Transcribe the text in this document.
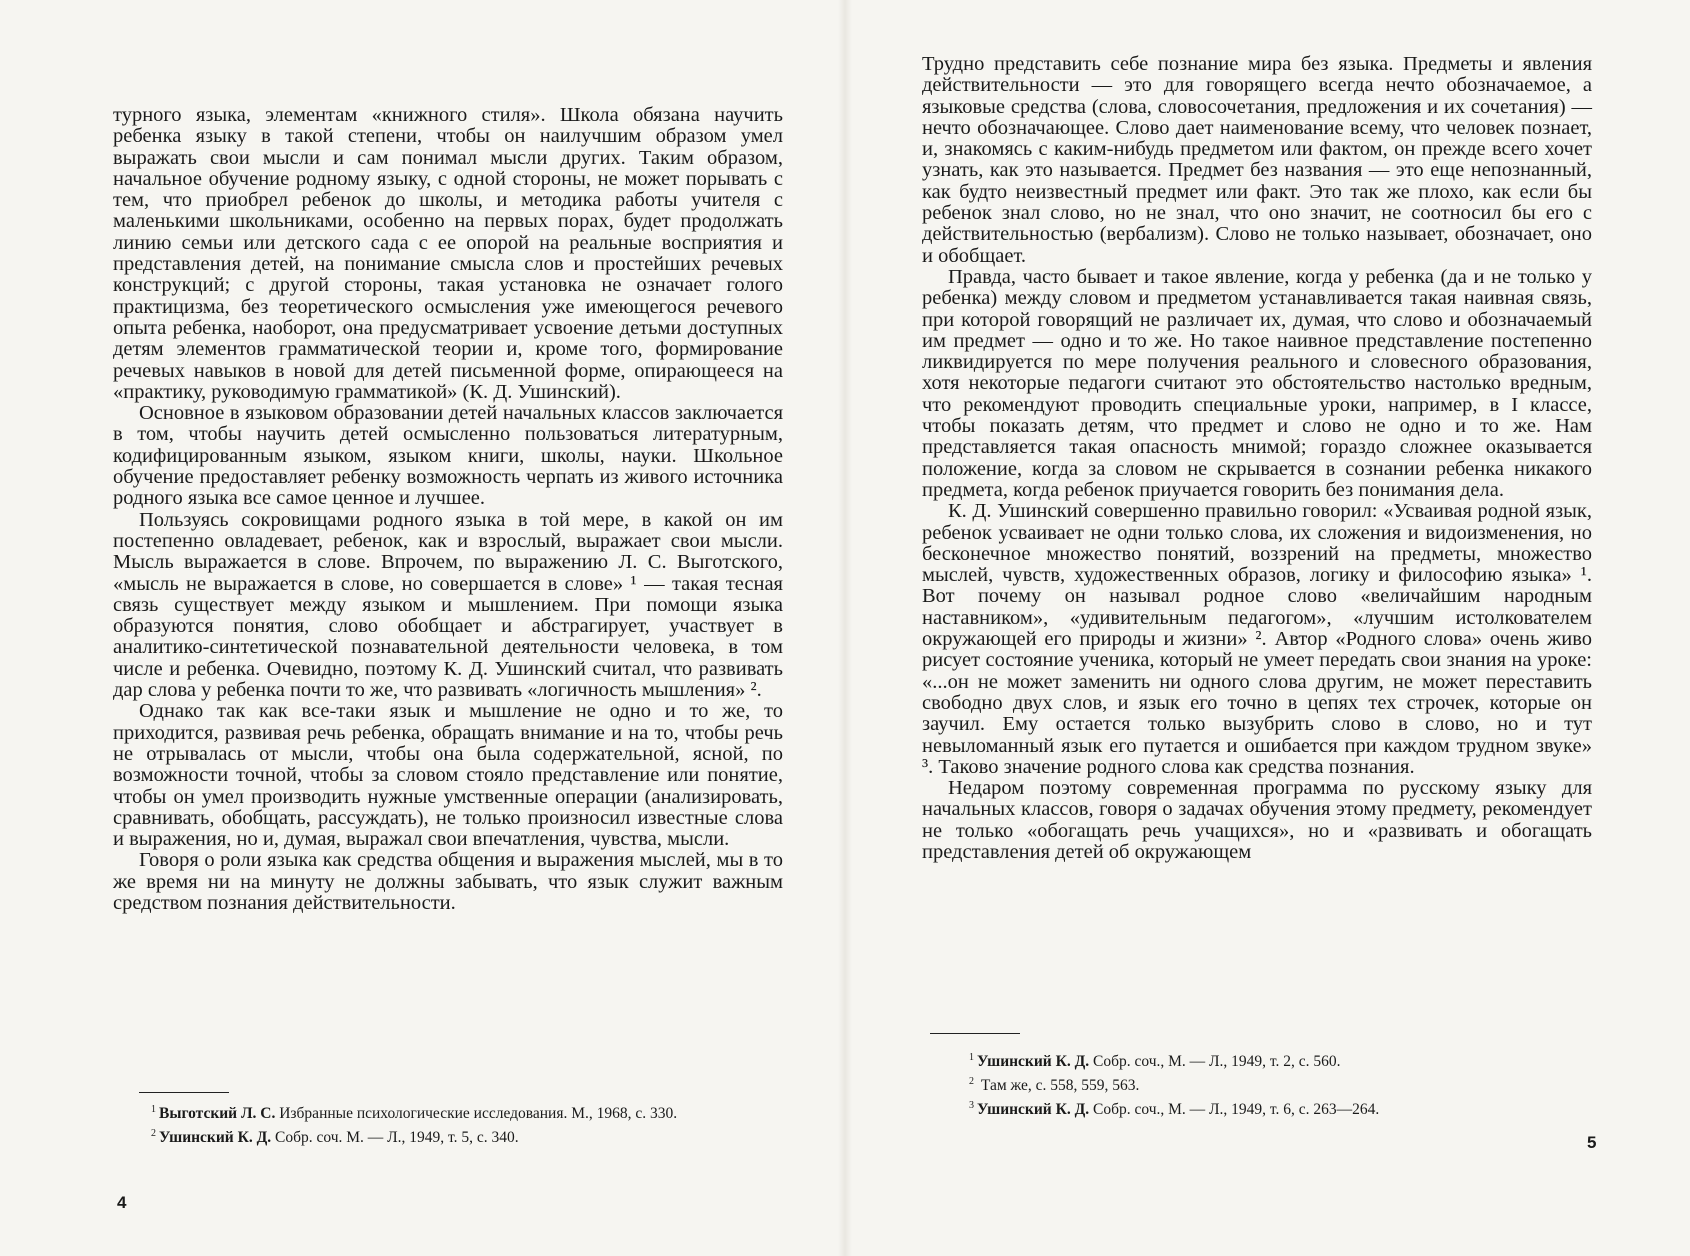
турного языка, элементам «книжного стиля». Школа обязана научить ребенка языку в такой степени, чтобы он наилучшим образом умел выражать свои мысли и сам понимал мысли других. Таким образом, начальное обучение родному языку, с одной стороны, не может порывать с тем, что приобрел ребенок до школы, и методика работы учителя с маленькими школьниками, особенно на первых порах, будет продолжать линию семьи или детского сада с ее опорой на реальные восприятия и представления детей, на понимание смысла слов и простейших речевых конструкций; с другой стороны, такая установка не означает голого практицизма, без теоретического осмысления уже имеющегося речевого опыта ребенка, наоборот, она предусматривает усвоение детьми доступных детям элементов грамматической теории и, кроме того, формирование речевых навыков в новой для детей письменной форме, опирающееся на «практику, руководимую грамматикой» (К. Д. Ушинский).

Основное в языковом образовании детей начальных классов заключается в том, чтобы научить детей осмысленно пользоваться литературным, кодифицированным языком, языком книги, школы, науки. Школьное обучение предоставляет ребенку возможность черпать из живого источника родного языка все самое ценное и лучшее.

Пользуясь сокровищами родного языка в той мере, в какой он им постепенно овладевает, ребенок, как и взрослый, выражает свои мысли. Мысль выражается в слове. Впрочем, по выражению Л. С. Выготского, «мысль не выражается в слове, но совершается в слове» ¹ — такая тесная связь существует между языком и мышлением. При помощи языка образуются понятия, слово обобщает и абстрагирует, участвует в аналитико-синтетической познавательной деятельности человека, в том числе и ребенка. Очевидно, поэтому К. Д. Ушинский считал, что развивать дар слова у ребенка почти то же, что развивать «логичность мышления» ².

Однако так как все-таки язык и мышление не одно и то же, то приходится, развивая речь ребенка, обращать внимание и на то, чтобы речь не отрывалась от мысли, чтобы она была содержательной, ясной, по возможности точной, чтобы за словом стояло представление или понятие, чтобы он умел производить нужные умственные операции (анализировать, сравнивать, обобщать, рассуждать), не только произносил известные слова и выражения, но и, думая, выражал свои впечатления, чувства, мысли.

Говоря о роли языка как средства общения и выражения мыслей, мы в то же время ни на минуту не должны забывать, что язык служит важным средством познания действительности.

$^1$ Выготский Л. С. Избранные психологические исследования. М., 1968, с. 330.

$^2$ Ушинский К. Д. Собр. соч. М. — Л., 1949, т. 5, с. 340.

4

Трудно представить себе познание мира без языка. Предметы и явления действительности — это для говорящего всегда нечто обозначаемое, а языковые средства (слова, словосочетания, предложения и их сочетания) — нечто обозначающее. Слово дает наименование всему, что человек познает, и, знакомясь с каким-нибудь предметом или фактом, он прежде всего хочет узнать, как это называется. Предмет без названия — это еще непознанный, как будто неизвестный предмет или факт. Это так же плохо, как если бы ребенок знал слово, но не знал, что оно значит, не соотносил бы его с действительностью (вербализм). Слово не только называет, обозначает, оно и обобщает.

Правда, часто бывает и такое явление, когда у ребенка (да и не только у ребенка) между словом и предметом устанавливается такая наивная связь, при которой говорящий не различает их, думая, что слово и обозначаемый им предмет — одно и то же. Но такое наивное представление постепенно ликвидируется по мере получения реального и словесного образования, хотя некоторые педагоги считают это обстоятельство настолько вредным, что рекомендуют проводить специальные уроки, например, в I классе, чтобы показать детям, что предмет и слово не одно и то же. Нам представляется такая опасность мнимой; гораздо сложнее оказывается положение, когда за словом не скрывается в сознании ребенка никакого предмета, когда ребенок приучается говорить без понимания дела.

К. Д. Ушинский совершенно правильно говорил: «Усваивая родной язык, ребенок усваивает не одни только слова, их сложения и видоизменения, но бесконечное множество понятий, воззрений на предметы, множество мыслей, чувств, художественных образов, логику и философию языка» ¹. Вот почему он называл родное слово «величайшим народным наставником», «удивительным педагогом», «лучшим истолкователем окружающей его природы и жизни» ². Автор «Родного слова» очень живо рисует состояние ученика, который не умеет передать свои знания на уроке: «...он не может заменить ни одного слова другим, не может переставить свободно двух слов, и язык его точно в цепях тех строчек, которые он заучил. Ему остается только вызубрить слово в слово, но и тут невыломанный язык его путается и ошибается при каждом трудном звуке» ³. Таково значение родного слова как средства познания.

Недаром поэтому современная программа по русскому языку для начальных классов, говоря о задачах обучения этому предмету, рекомендует не только «обогащать речь учащихся», но и «развивать и обогащать представления детей об окружающем

$^1$ Ушинский К. Д. Собр. соч., М. — Л., 1949, т. 2, с. 560.

$^2$ Там же, с. 558, 559, 563.

$^3$ Ушинский К. Д. Собр. соч., М. — Л., 1949, т. 6, с. 263—264.

5
